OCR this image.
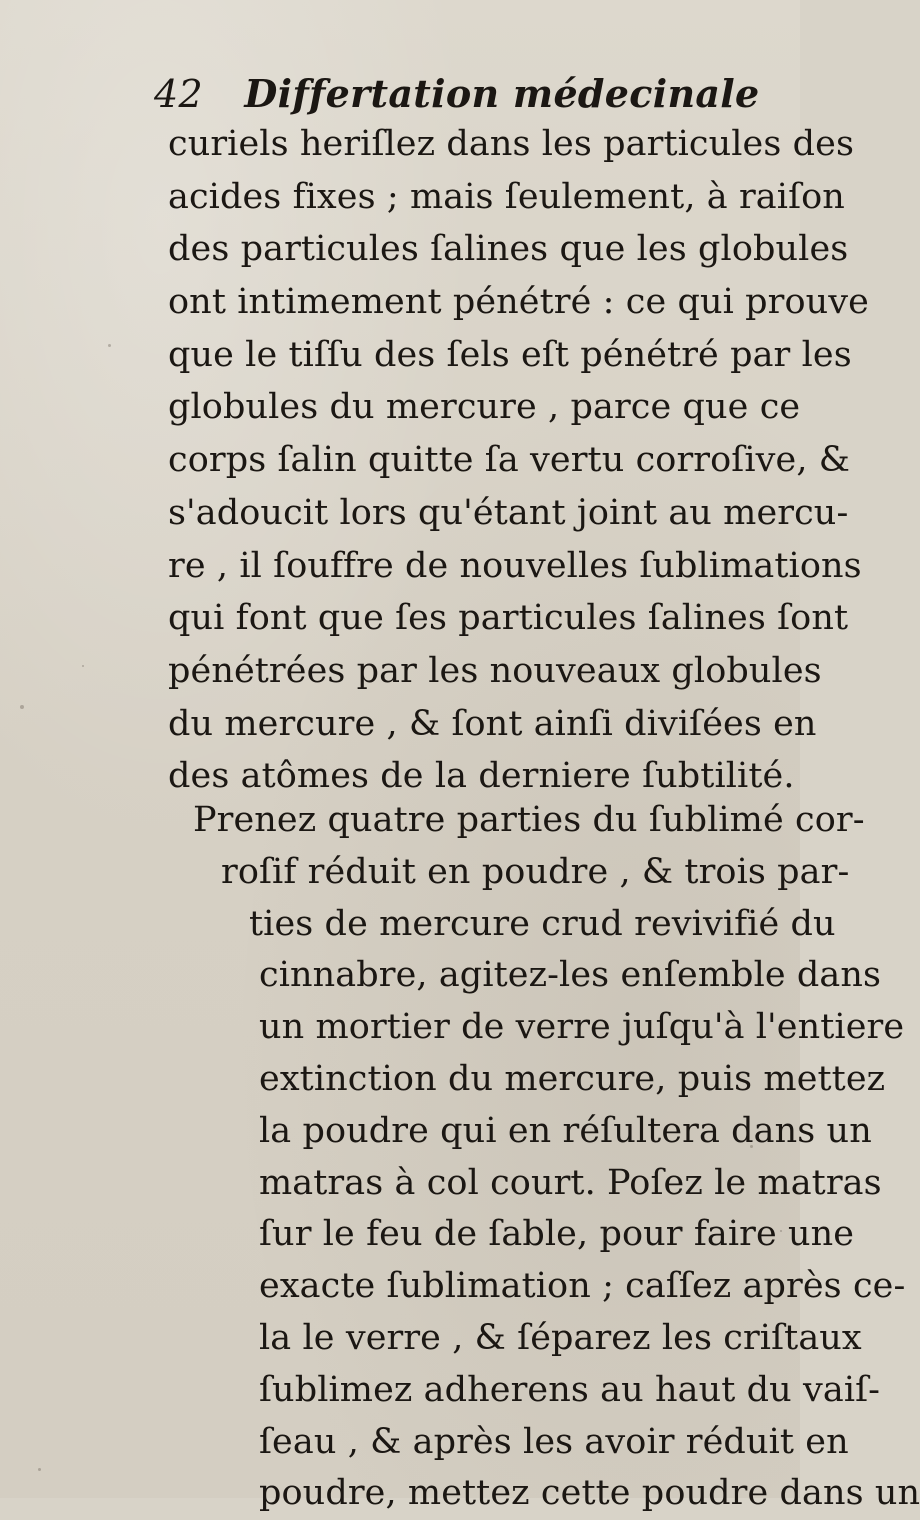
42 Differtation médecinale
curiels heriſlez dans les particules des
acides fixes ; mais ſeulement, à raiſon
des particules ſalines que les globules
ont intimement pénétré : ce qui prouve
que le tiſſu des ſels eſt pénétré par les
globules du mercure , parce que ce
corps ſalin quitte ſa vertu corroſive, &
s'adoucit lors qu'étant joint au mercu-
re , il ſouffre de nouvelles ſublimations
qui font que ſes particules ſalines ſont
pénétrées par les nouveaux globules
du mercure , & ſont ainſi diviſées en
des atômes de la derniere ſubtilité.
Prenez quatre parties du ſublimé cor-
roſif réduit en poudre , & trois par-
ties de mercure crud revivifié du
cinnabre, agitez-les enſemble dans
un mortier de verre juſqu'à l'entiere
extinction du mercure, puis mettez
la poudre qui en réſultera dans un
matras à col court. Poſez le matras
ſur le feu de ſable, pour faire une
exacte ſublimation ; caſſez après ce-
la le verre , & ſéparez les criſtaux
ſublimez adherens au haut du vaiſ-
ſeau , & après les avoir réduit en
poudre, mettez cette poudre dans un
